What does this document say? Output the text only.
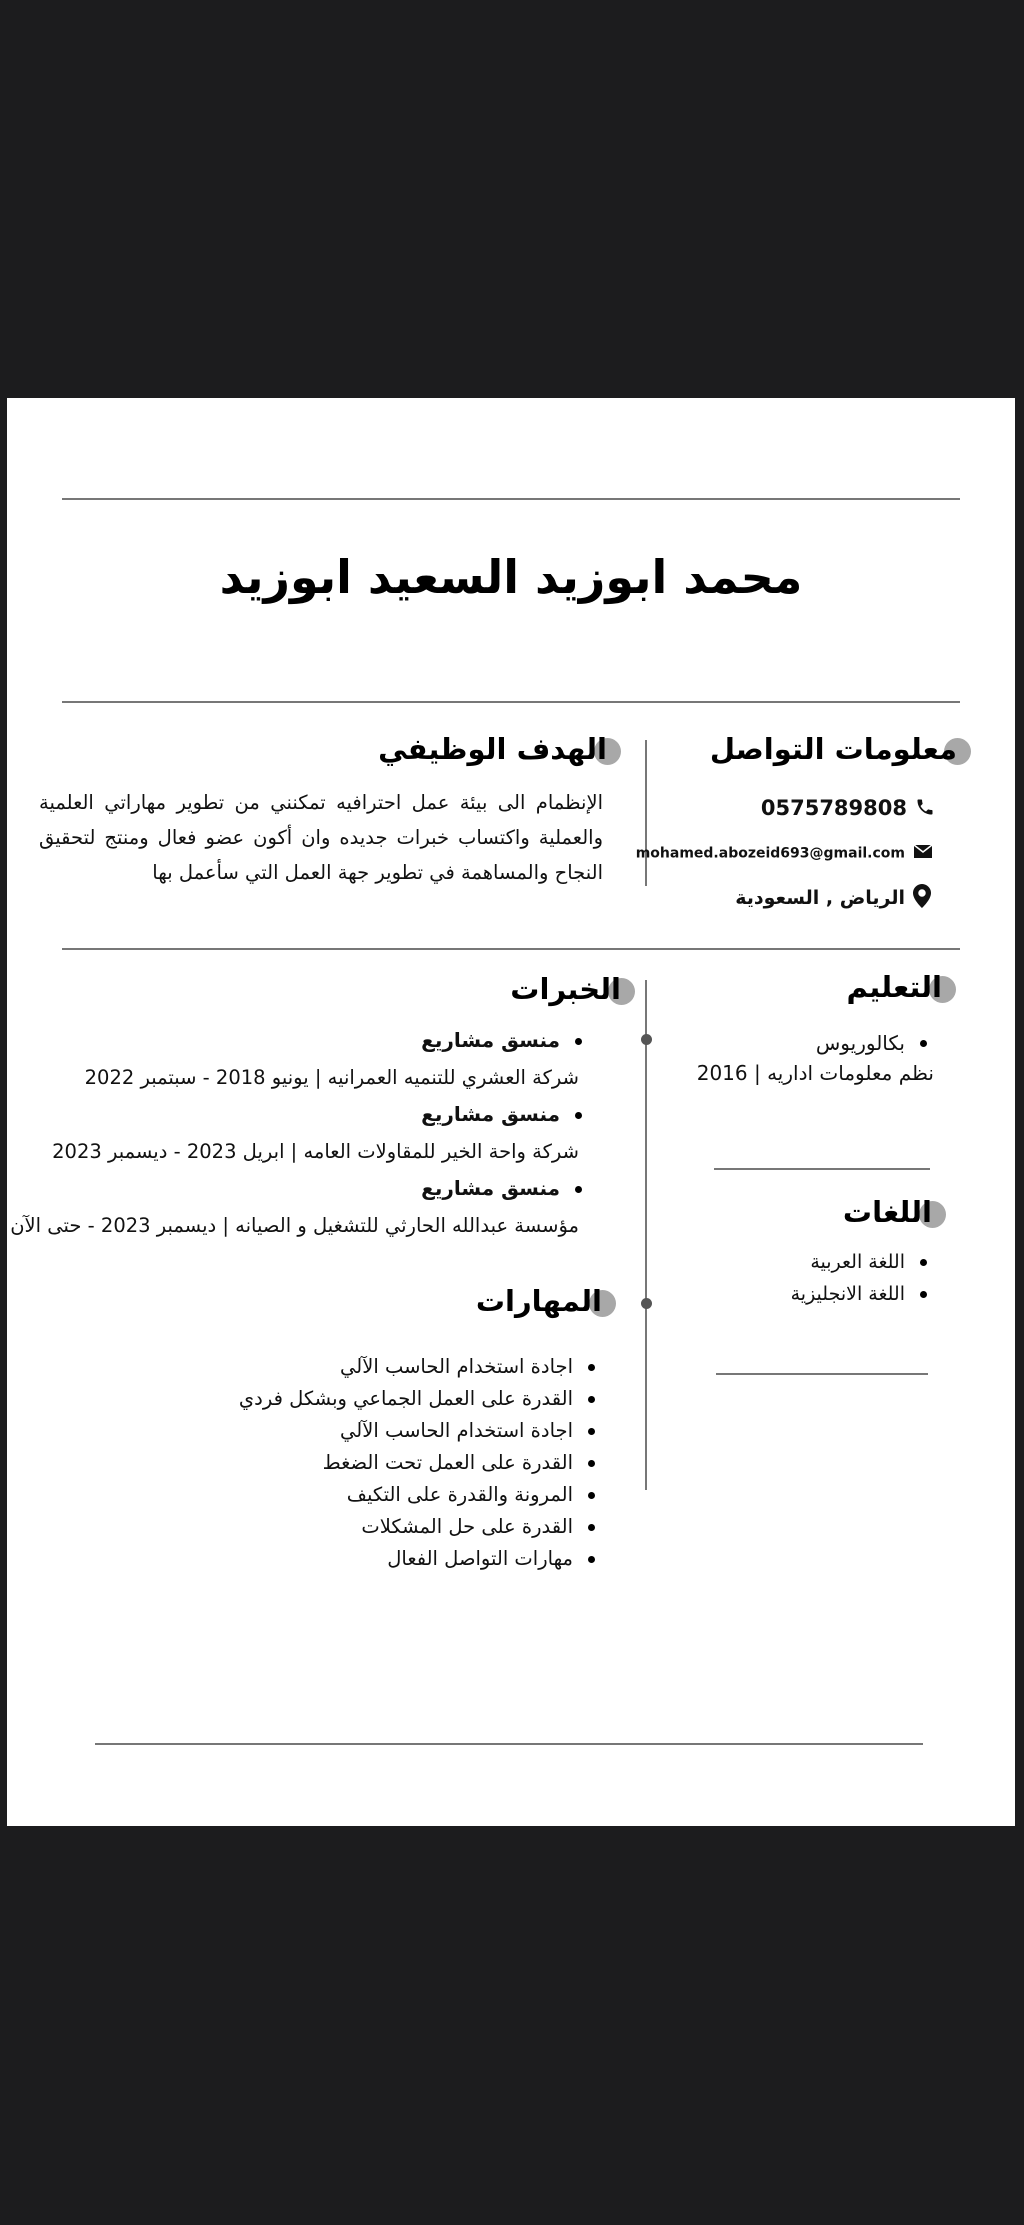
محمد ابوزيد السعيد ابوزيد
معلومات التواصل
0575789808
mohamed.abozeid693@gmail.com
الرياض , السعودية
الهدف الوظيفي
الإنظمام الى بيئة عمل احترافيه تمكنني من تطوير مهاراتي العلمية والعملية واكتساب خبرات جديده وان أكون عضو فعال ومنتج لتحقيق النجاح والمساهمة في تطوير جهة العمل التي سأعمل بها
التعليم
بكالوريوس
نظم معلومات اداريه | 2016
اللغات
اللغة العربية
اللغة الانجليزية
الخبرات
منسق مشاريع
شركة العشري للتنميه العمرانيه | يونيو 2018 - سبتمبر 2022
منسق مشاريع
شركة واحة الخير للمقاولات العامه | ابريل 2023 - ديسمبر 2023
منسق مشاريع
مؤسسة عبدالله الحارثي للتشغيل و الصيانه | ديسمبر 2023 - حتى الآن
المهارات
اجادة استخدام الحاسب الآلي
القدرة على العمل الجماعي وبشكل فردي
اجادة استخدام الحاسب الآلي
القدرة على العمل تحت الضغط
المرونة والقدرة على التكيف
القدرة على حل المشكلات
مهارات التواصل الفعال
